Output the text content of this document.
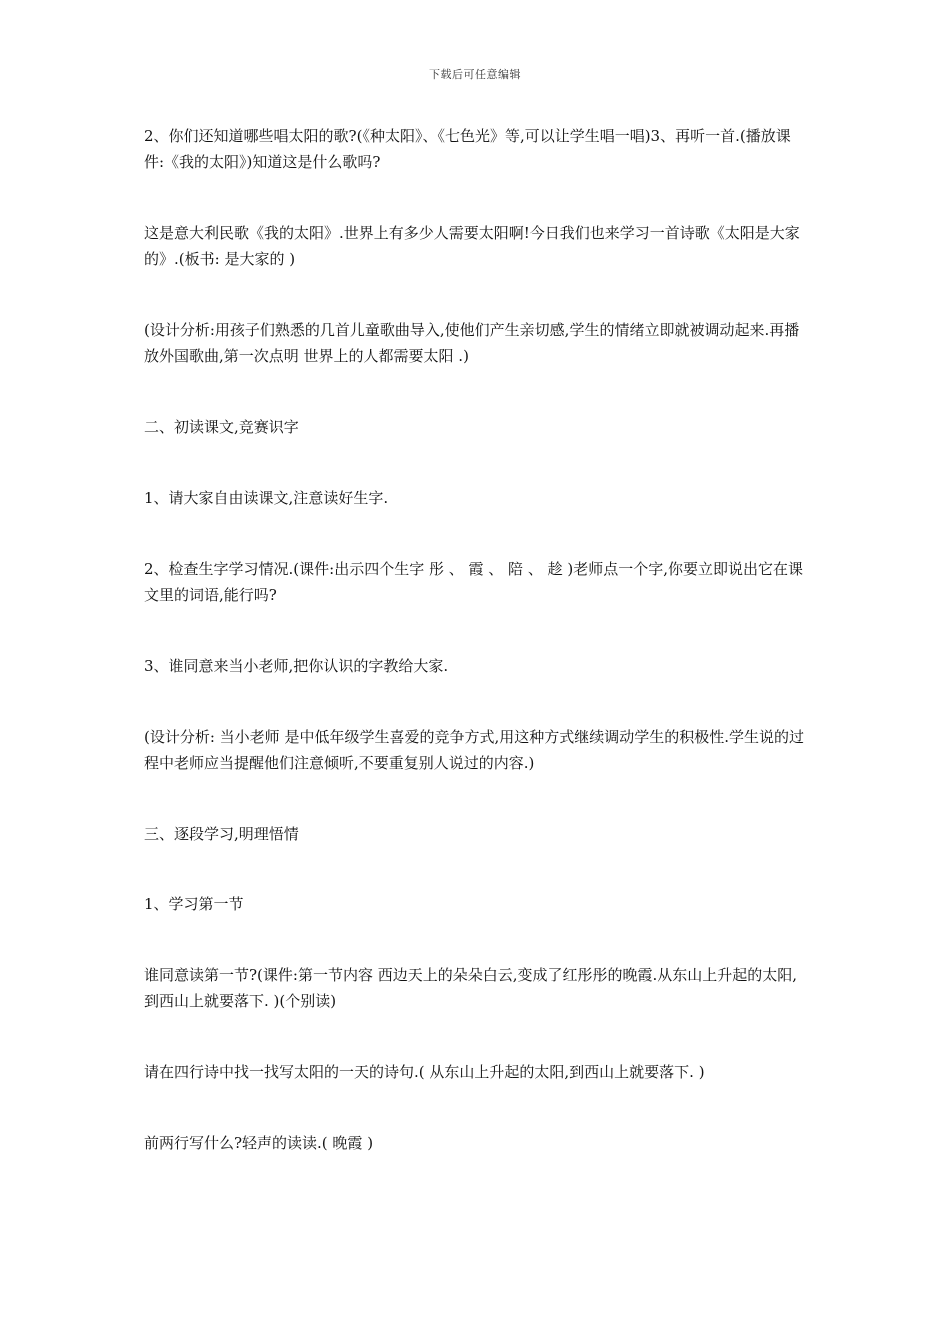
下载后可任意编辑

2、你们还知道哪些唱太阳的歌?(《种太阳》、《七色光》等,可以让学生唱一唱)3、再听一首.(播放课件:《我的太阳》)知道这是什么歌吗?

这是意大利民歌《我的太阳》.世界上有多少人需要太阳啊!今日我们也来学习一首诗歌《太阳是大家的》.(板书: 是大家的 )

(设计分析:用孩子们熟悉的几首儿童歌曲导入,使他们产生亲切感,学生的情绪立即就被调动起来.再播放外国歌曲,第一次点明 世界上的人都需要太阳 .)

二、初读课文,竞赛识字

1、请大家自由读课文,注意读好生字.

2、检查生字学习情况.(课件:出示四个生字 彤 、 霞 、 陪 、 趁 )老师点一个字,你要立即说出它在课文里的词语,能行吗?

3、谁同意来当小老师,把你认识的字教给大家.

(设计分析: 当小老师 是中低年级学生喜爱的竞争方式,用这种方式继续调动学生的积极性.学生说的过程中老师应当提醒他们注意倾听,不要重复别人说过的内容.)

三、逐段学习,明理悟情

1、学习第一节

谁同意读第一节?(课件:第一节内容 西边天上的朵朵白云,变成了红彤彤的晚霞.从东山上升起的太阳,到西山上就要落下. )(个别读)

请在四行诗中找一找写太阳的一天的诗句.( 从东山上升起的太阳,到西山上就要落下. )

前两行写什么?轻声的读读.( 晚霞 )
